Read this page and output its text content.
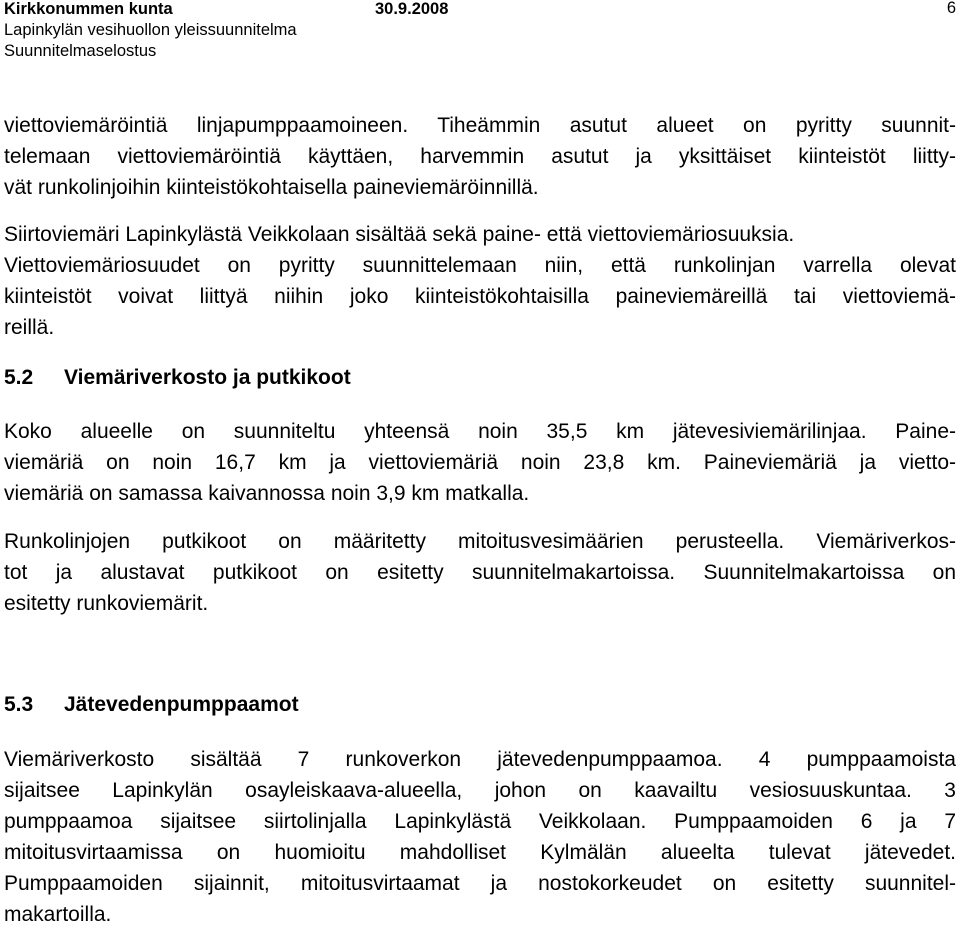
Kirkkonummen kunta	30.9.2008	6
Lapinkylän vesihuollon yleissuunnitelma
Suunnitelmaselostus
viettoviemäröintiä linjapumppaamoineen. Tiheämmin asutut alueet on pyritty suunnit-
telemaan viettoviemäröintiä käyttäen, harvemmin asutut ja yksittäiset kiinteistöt liitty-
vät runkolinjoihin kiinteistökohtaisella paineviemäröinnillä.
Siirtoviemäri Lapinkylästä Veikkolaan sisältää sekä paine- että viettoviemäriosuuksia.
Viettoviemäriosuudet on pyritty suunnittelemaan niin, että runkolinjan varrella olevat
kiinteistöt voivat liittyä niihin joko kiinteistökohtaisilla paineviemäreillä tai viettoviemä-
reillä.
5.2 Viemäriverkosto ja putkikoot
Koko alueelle on suunniteltu yhteensä noin 35,5 km jätevesiviemärilinjaa. Paine-
viemäriä on noin 16,7 km ja viettoviemäriä noin 23,8 km. Paineviemäriä ja vietto-
viemäriä on samassa kaivannossa noin 3,9 km matkalla.
Runkolinjojen putkikoot on määritetty mitoitusvesimäärien perusteella. Viemäriverkos-
tot ja alustavat putkikoot on esitetty suunnitelmakartoissa. Suunnitelmakartoissa on
esitetty runkoviemärit.
5.3 Jätevedenpumppaamot
Viemäriverkosto sisältää 7 runkoverkon jätevedenpumppaamoa. 4 pumppaamoista
sijaitsee Lapinkylän osayleiskaava-alueella, johon on kaavailtu vesiosuuskuntaa. 3
pumppaamoa sijaitsee siirtolinjalla Lapinkylästä Veikkolaan. Pumppaamoiden 6 ja 7
mitoitusvirtaamissa on huomioitu mahdolliset Kylmälän alueelta tulevat jätevedet.
Pumppaamoiden sijainnit, mitoitusvirtaamat ja nostokorkeudet on esitetty suunnitel-
makartoilla.
